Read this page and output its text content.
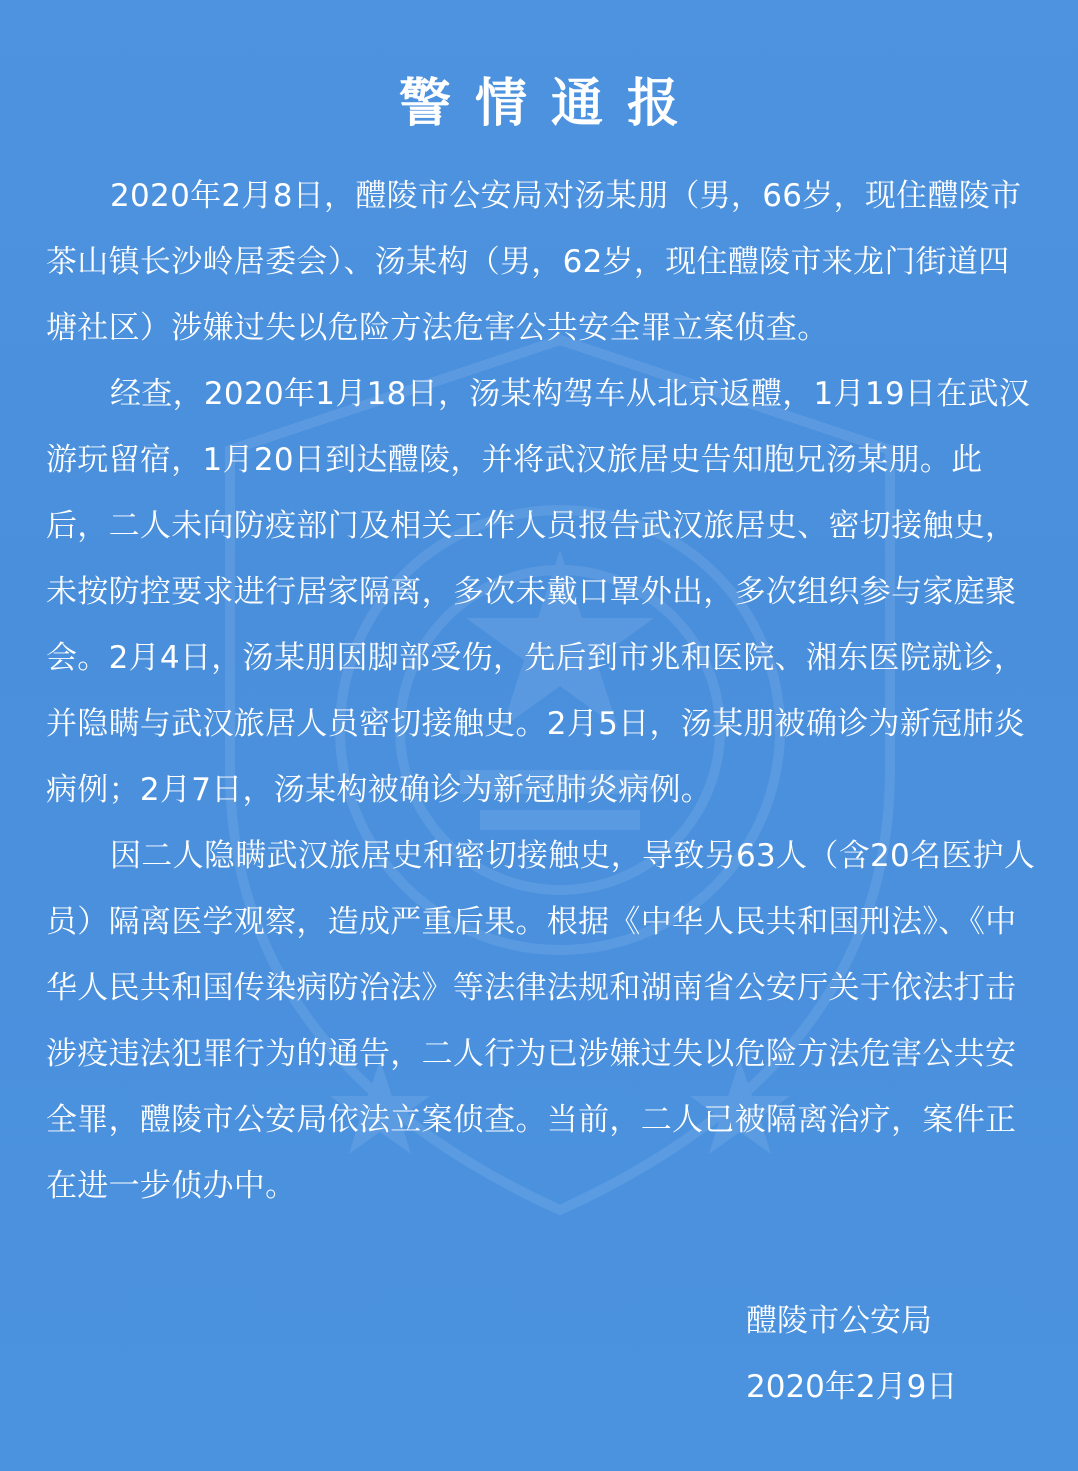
警情通报

2020年2月8日，醴陵市公安局对汤某朋（男，66岁，现住醴陵市茶山镇长沙岭居委会）、汤某构（男，62岁，现住醴陵市来龙门街道四塘社区）涉嫌过失以危险方法危害公共安全罪立案侦查。

经查，2020年1月18日，汤某构驾车从北京返醴，1月19日在武汉游玩留宿，1月20日到达醴陵，并将武汉旅居史告知胞兄汤某朋。此后，二人未向防疫部门及相关工作人员报告武汉旅居史、密切接触史，未按防控要求进行居家隔离，多次未戴口罩外出，多次组织参与家庭聚会。2月4日，汤某朋因脚部受伤，先后到市兆和医院、湘东医院就诊，并隐瞒与武汉旅居人员密切接触史。2月5日，汤某朋被确诊为新冠肺炎病例；2月7日，汤某构被确诊为新冠肺炎病例。

因二人隐瞒武汉旅居史和密切接触史，导致另63人（含20名医护人员）隔离医学观察，造成严重后果。根据《中华人民共和国刑法》、《中华人民共和国传染病防治法》等法律法规和湖南省公安厅关于依法打击涉疫违法犯罪行为的通告，二人行为已涉嫌过失以危险方法危害公共安全罪，醴陵市公安局依法立案侦查。当前，二人已被隔离治疗，案件正在进一步侦办中。

醴陵市公安局
2020年2月9日
